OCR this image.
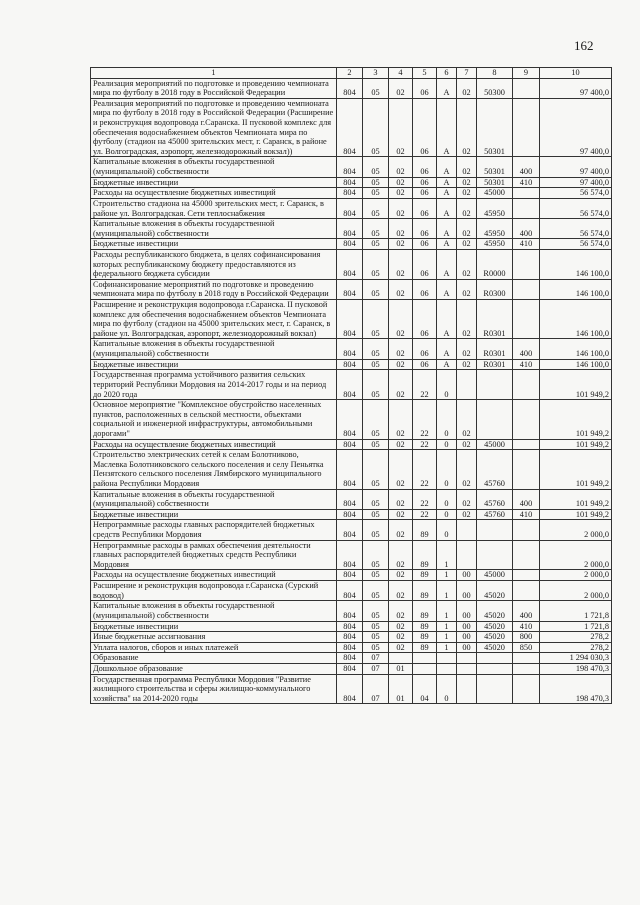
162
1	2	3	4	5	6	7	8	9	10
Реализация мероприятий по подготовке и проведению чемпионата мира по футболу в 2018 году в Российской Федерации	804	05	02	06	А	02	50300		97 400,0
Реализация мероприятий по подготовке и проведению чемпионата мира по футболу в 2018 году в Российской Федерации (Расширение и реконструкция водопровода г.Саранска. II пусковой комплекс для обеспечения водоснабжением объектов Чемпионата мира по футболу (стадион на 45000 зрительских мест, г. Саранск, в районе ул. Волгоградская, аэропорт, железнодорожный вокзал))	804	05	02	06	А	02	50301		97 400,0
Капитальные вложения в объекты государственной (муниципальной) собственности	804	05	02	06	А	02	50301	400	97 400,0
Бюджетные инвестиции	804	05	02	06	А	02	50301	410	97 400,0
Расходы на осуществление бюджетных инвестиций	804	05	02	06	А	02	45000		56 574,0
Строительство стадиона на 45000 зрительских мест, г. Саранск, в районе ул. Волгоградская. Сети теплоснабжения	804	05	02	06	А	02	45950		56 574,0
Капитальные вложения в объекты государственной (муниципальной) собственности	804	05	02	06	А	02	45950	400	56 574,0
Бюджетные инвестиции	804	05	02	06	А	02	45950	410	56 574,0
Расходы республиканского бюджета, в целях софинансирования которых республиканскому бюджету предоставляются из федерального бюджета субсидии	804	05	02	06	А	02	R0000		146 100,0
Софинансирование мероприятий по подготовке и проведению чемпионата мира по футболу в 2018 году в Российской Федерации	804	05	02	06	А	02	R0300		146 100,0
Расширение и реконструкция водопровода г.Саранска. II пусковой комплекс для обеспечения водоснабжением объектов Чемпионата мира по футболу (стадион на 45000 зрительских мест, г. Саранск, в районе ул. Волгоградская, аэропорт, железнодорожный вокзал)	804	05	02	06	А	02	R0301		146 100,0
Капитальные вложения в объекты государственной (муниципальной) собственности	804	05	02	06	А	02	R0301	400	146 100,0
Бюджетные инвестиции	804	05	02	06	А	02	R0301	410	146 100,0
Государственная программа устойчивого развития сельских территорий Республики Мордовия на 2014-2017 годы и на период до 2020 года	804	05	02	22	0				101 949,2
Основное мероприятие "Комплексное обустройство населенных пунктов, расположенных в сельской местности, объектами социальной и инженерной инфраструктуры, автомобильными дорогами"	804	05	02	22	0	02			101 949,2
Расходы на осуществление бюджетных инвестиций	804	05	02	22	0	02	45000		101 949,2
Строительство электрических сетей к селам Болотниково, Маслевка Болотниковского сельского поселения и селу Пеньятка Пензятского сельского поселения Лямбирского муниципального района Республики Мордовия	804	05	02	22	0	02	45760		101 949,2
Капитальные вложения в объекты государственной (муниципальной) собственности	804	05	02	22	0	02	45760	400	101 949,2
Бюджетные инвестиции	804	05	02	22	0	02	45760	410	101 949,2
Непрограммные расходы главных распорядителей бюджетных средств Республики Мордовия	804	05	02	89	0				2 000,0
Непрограммные расходы в рамках обеспечения деятельности главных распорядителей бюджетных средств Республики Мордовия	804	05	02	89	1				2 000,0
Расходы на осуществление бюджетных инвестиций	804	05	02	89	1	00	45000		2 000,0
Расширение и реконструкция водопровода г.Саранска (Сурский водовод)	804	05	02	89	1	00	45020		2 000,0
Капитальные вложения в объекты государственной (муниципальной) собственности	804	05	02	89	1	00	45020	400	1 721,8
Бюджетные инвестиции	804	05	02	89	1	00	45020	410	1 721,8
Иные бюджетные ассигнования	804	05	02	89	1	00	45020	800	278,2
Уплата налогов, сборов и иных платежей	804	05	02	89	1	00	45020	850	278,2
Образование	804	07							1 294 030,3
Дошкольное образование	804	07	01						198 470,3
Государственная программа Республики Мордовия "Развитие жилищного строительства и сферы жилищно-коммунального хозяйства" на 2014-2020 годы	804	07	01	04	0				198 470,3
